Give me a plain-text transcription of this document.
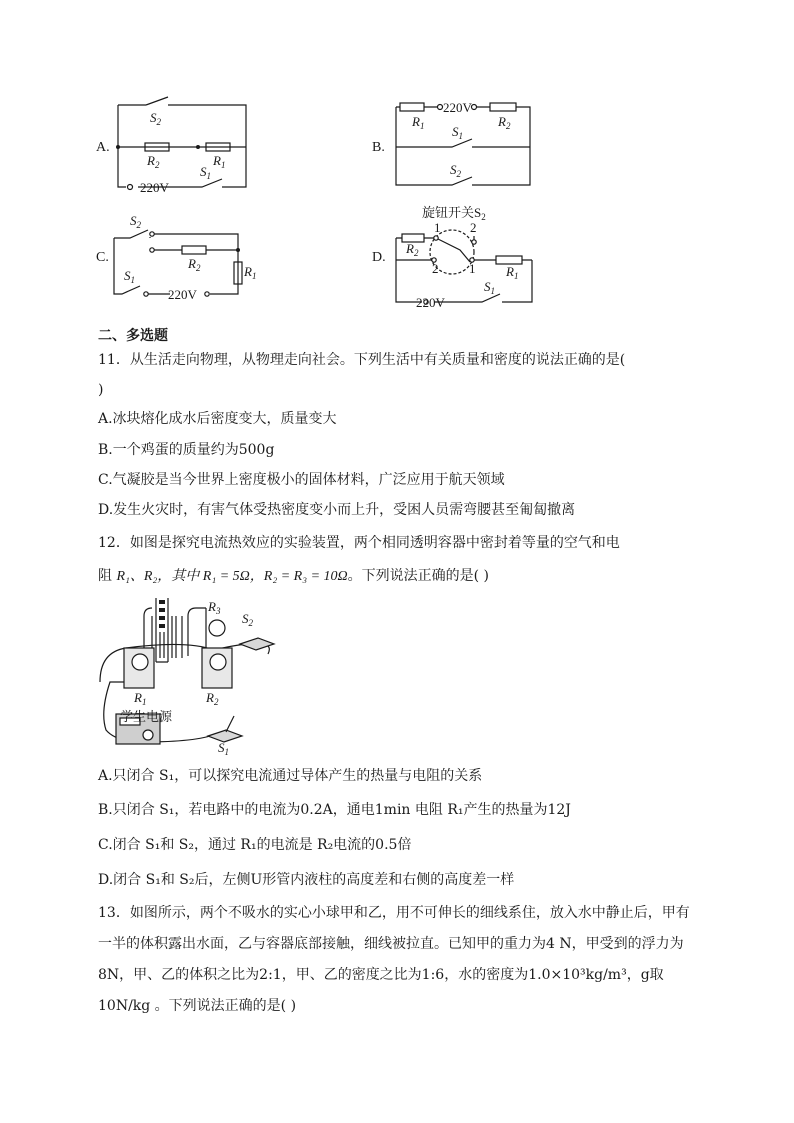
A.
$S_2$
$R_2$	$R_1$
$S_1$
220V
B.
220V
$R_1$	$R_2$
$S_1$
$S_2$
C.
$S_2$
$R_2$	$R_1$
$S_1$
220V
D.
旋钮开关$S_2$
$R_2$
1 2
2 1 $R_1$
$S_1$
220V
二、多选题
11．从生活走向物理，从物理走向社会。下列生活中有关质量和密度的说法正确的是(
)
A.冰块熔化成水后密度变大，质量变大
B.一个鸡蛋的质量约为500g
C.气凝胶是当今世界上密度极小的固体材料，广泛应用于航天领域
D.发生火灾时，有害气体受热密度变小而上升，受困人员需弯腰甚至匍匐撤离
12．如图是探究电流热效应的实验装置，两个相同透明容器中密封着等量的空气和电
阻 R₁、R₂，其中 R₁ = 5Ω，R₂ = R₃ = 10Ω。下列说法正确的是( )
学生电源
$R_3$ $S_2$
$R_1$	$R_2$
$S_1$
A.只闭合 S₁，可以探究电流通过导体产生的热量与电阻的关系
B.只闭合 S₁，若电路中的电流为0.2A，通电1min 电阻 R₁产生的热量为12J
C.闭合 S₁和 S₂，通过 R₁的电流是 R₂电流的0.5倍
D.闭合 S₁和 S₂后，左侧U形管内液柱的高度差和右侧的高度差一样
13．如图所示，两个不吸水的实心小球甲和乙，用不可伸长的细线系住，放入水中静止后，甲有一半的体积露出水面，乙与容器底部接触，细线被拉直。已知甲的重力为4 N，甲受到的浮力为8N，甲、乙的体积之比为2:1，甲、乙的密度之比为1:6，水的密度为1.0×10³kg/m³，g取10N/kg 。下列说法正确的是( )
